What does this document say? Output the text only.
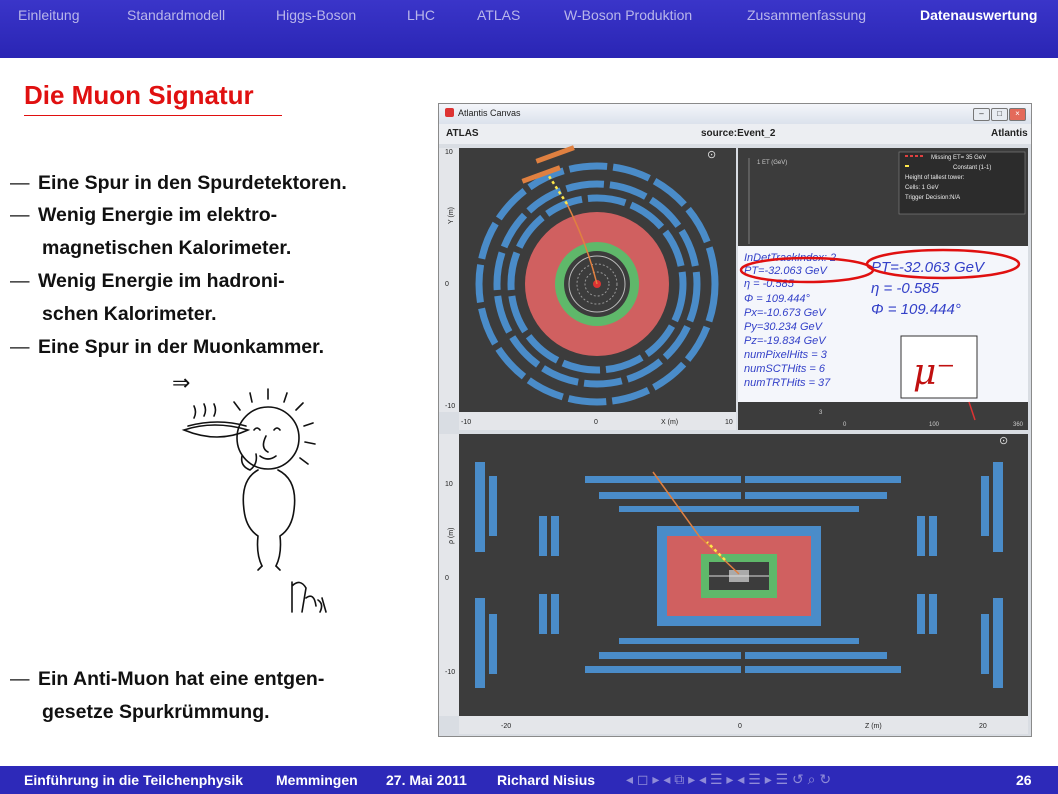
Einleitung	Standardmodell	Higgs-Boson	LHC	ATLAS	W-Boson Produktion	Zusammenfassung	Datenauswertung
Die Muon Signatur
— Eine Spur in den Spurdetektoren.
— Wenig Energie im elektro-
magnetischen Kalorimeter.
— Wenig Energie im hadroni-
schen Kalorimeter.
— Eine Spur in der Muonkammer.
⇒
— Ein Anti-Muon hat eine entgen-
gesetze Spurkrümmung.
Atlantis Canvas	–	□	×
ATLAS	source:Event_2	Atlantis
⊙
10
0
-10
Y (m)
-10	0	10
X (m)
Missing ET= 35 GeV
Constant (1-1)
Height of tallest tower:
Cells: 1 GeV
Trigger Decision:N/A
1 ET (GeV)
3
0	100	360
InDetTrackIndex: 2
PT=-32.063 GeV
η = -0.585
Φ = 109.444°
Px=-10.673 GeV
Py=30.234 GeV
Pz=-19.834 GeV
numPixelHits = 3
numSCTHits = 6
numTRTHits = 37
PT=-32.063 GeV
η = -0.585
Φ = 109.444°
μ⁻
⊙
10
0
-10
ρ (m)
-20	0	20
Z (m)
Einführung in die Teilchenphysik Memmingen 27. Mai 2011 Richard Nisius ◂ ◻ ▸ ◂ ⧉ ▸ ◂ ☰ ▸ ◂ ☰ ▸ ☰ ↺ ⌕ ↻	26
